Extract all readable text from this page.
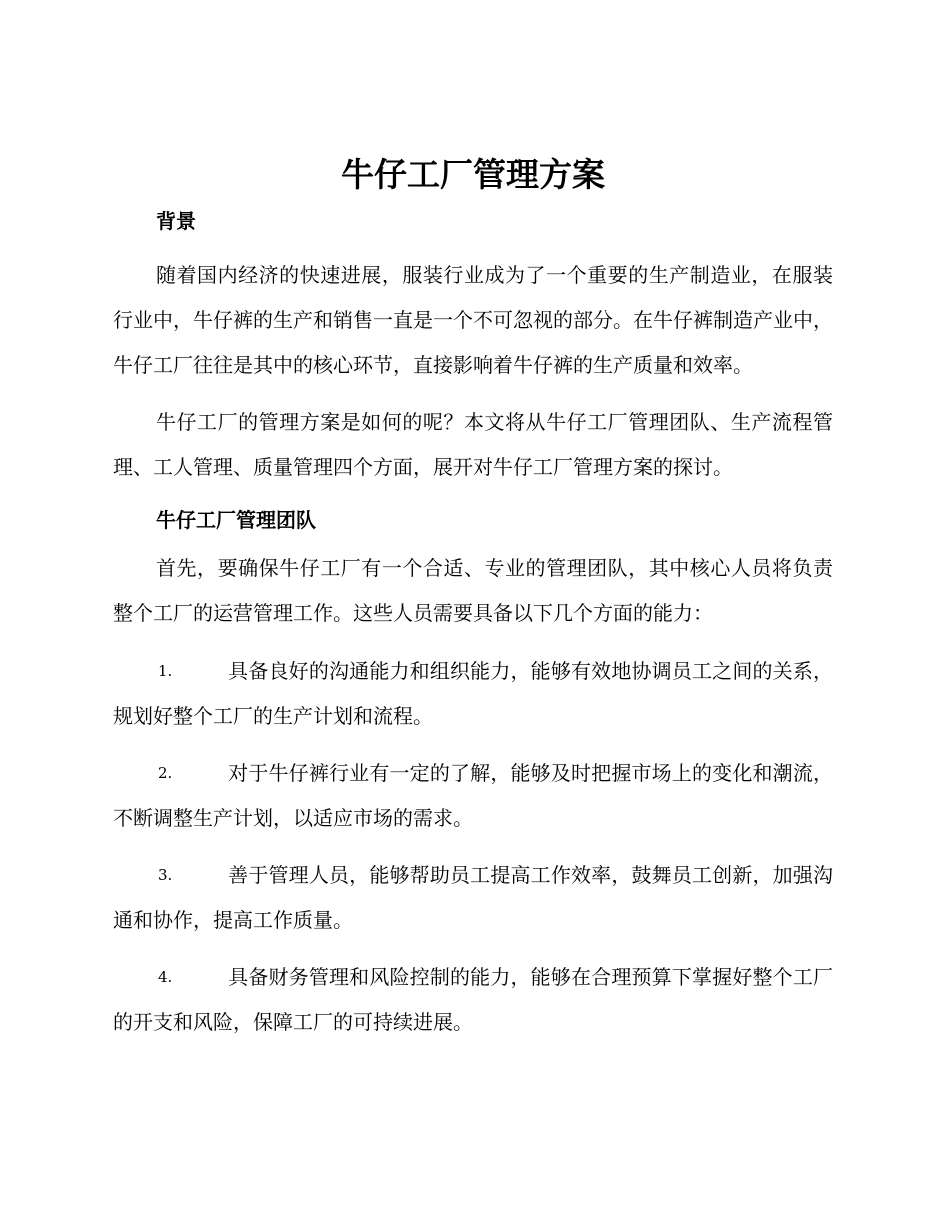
牛仔工厂管理方案
背景

随着国内经济的快速进展，服装行业成为了一个重要的生产制造业，在服装行业中，牛仔裤的生产和销售一直是一个不可忽视的部分。在牛仔裤制造产业中，牛仔工厂往往是其中的核心环节，直接影响着牛仔裤的生产质量和效率。

牛仔工厂的管理方案是如何的呢？本文将从牛仔工厂管理团队、生产流程管理、工人管理、质量管理四个方面，展开对牛仔工厂管理方案的探讨。

牛仔工厂管理团队

首先，要确保牛仔工厂有一个合适、专业的管理团队，其中核心人员将负责整个工厂的运营管理工作。这些人员需要具备以下几个方面的能力：

1.	具备良好的沟通能力和组织能力，能够有效地协调员工之间的关系，规划好整个工厂的生产计划和流程。
2.	对于牛仔裤行业有一定的了解，能够及时把握市场上的变化和潮流，不断调整生产计划，以适应市场的需求。
3.	善于管理人员，能够帮助员工提高工作效率，鼓舞员工创新，加强沟通和协作，提高工作质量。
4.	具备财务管理和风险控制的能力，能够在合理预算下掌握好整个工厂的开支和风险，保障工厂的可持续进展。
